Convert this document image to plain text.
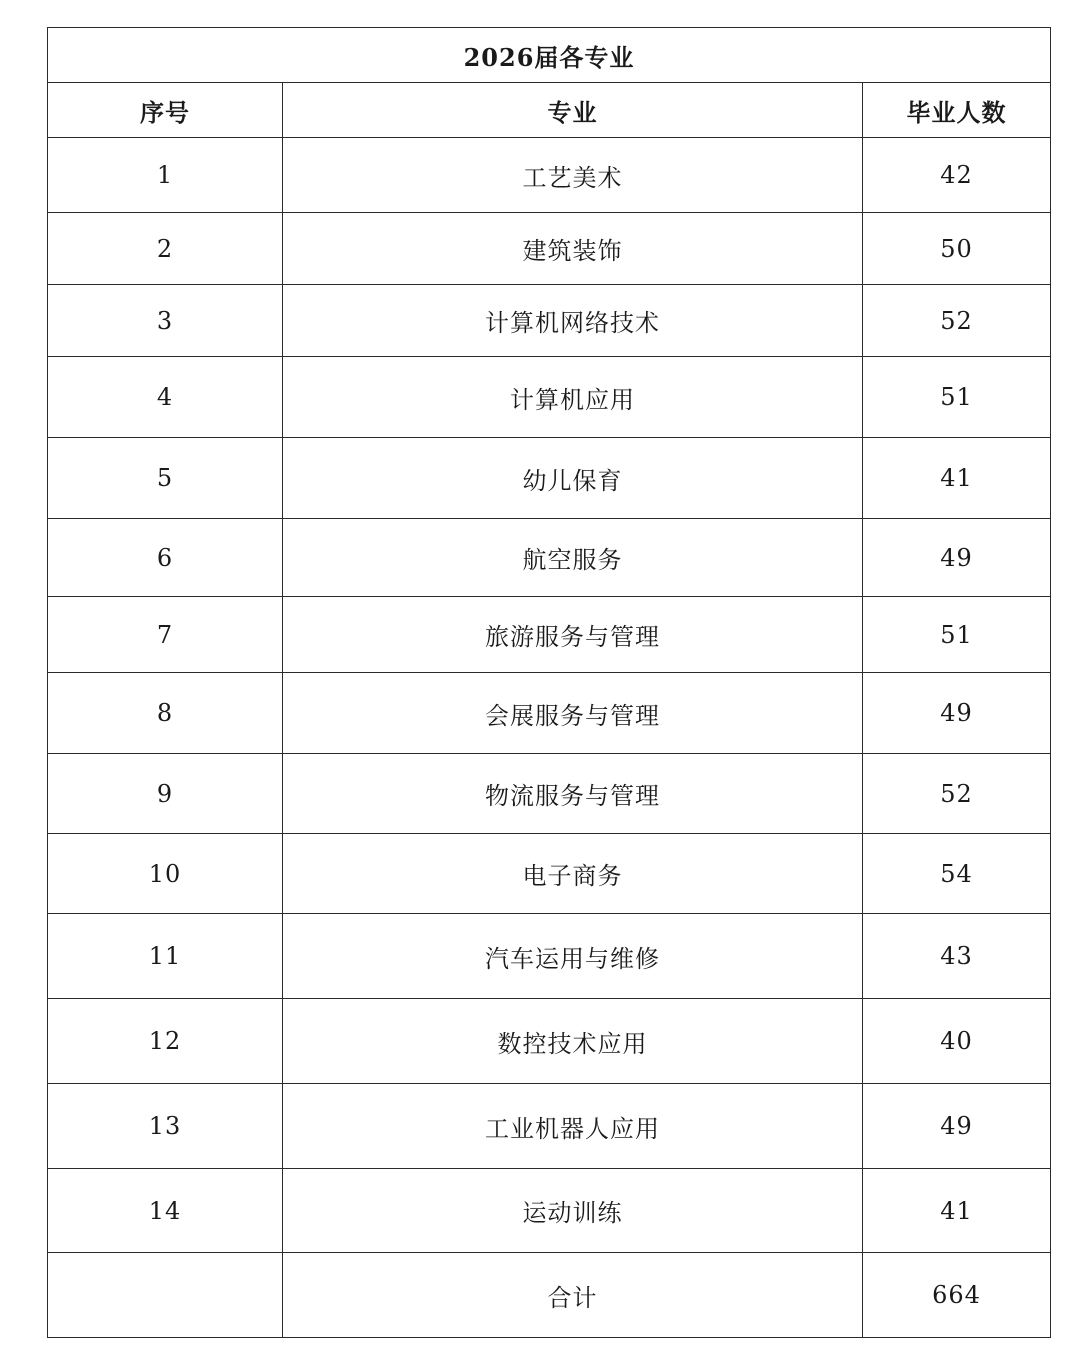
2026届各专业		
序号	专业	毕业人数
1	工艺美术	42
2	建筑装饰	50
3	计算机网络技术	52
4	计算机应用	51
5	幼儿保育	41
6	航空服务	49
7	旅游服务与管理	51
8	会展服务与管理	49
9	物流服务与管理	52
10	电子商务	54
11	汽车运用与维修	43
12	数控技术应用	40
13	工业机器人应用	49
14	运动训练	41
	合计	664
